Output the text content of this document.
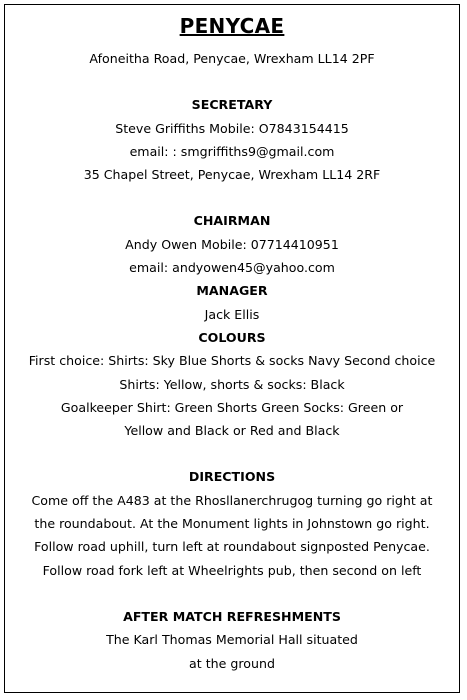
PENYCAE
Afoneitha Road, Penycae, Wrexham LL14 2PF
SECRETARY
Steve Griffiths Mobile: O7843154415
email: : smgriffiths9@gmail.com
35 Chapel Street, Penycae, Wrexham LL14 2RF
CHAIRMAN
Andy Owen Mobile: 07714410951
email: andyowen45@yahoo.com
MANAGER
Jack Ellis
COLOURS
First choice: Shirts: Sky Blue Shorts & socks Navy Second choice
Shirts: Yellow, shorts & socks: Black
Goalkeeper Shirt: Green Shorts Green Socks: Green or
Yellow and Black or Red and Black
DIRECTIONS
Come off the A483 at the Rhosllanerchrugog turning go right at
the roundabout. At the Monument lights in Johnstown go right.
Follow road uphill, turn left at roundabout signposted Penycae.
Follow road fork left at Wheelrights pub, then second on left
AFTER MATCH REFRESHMENTS
The Karl Thomas Memorial Hall situated
at the ground
